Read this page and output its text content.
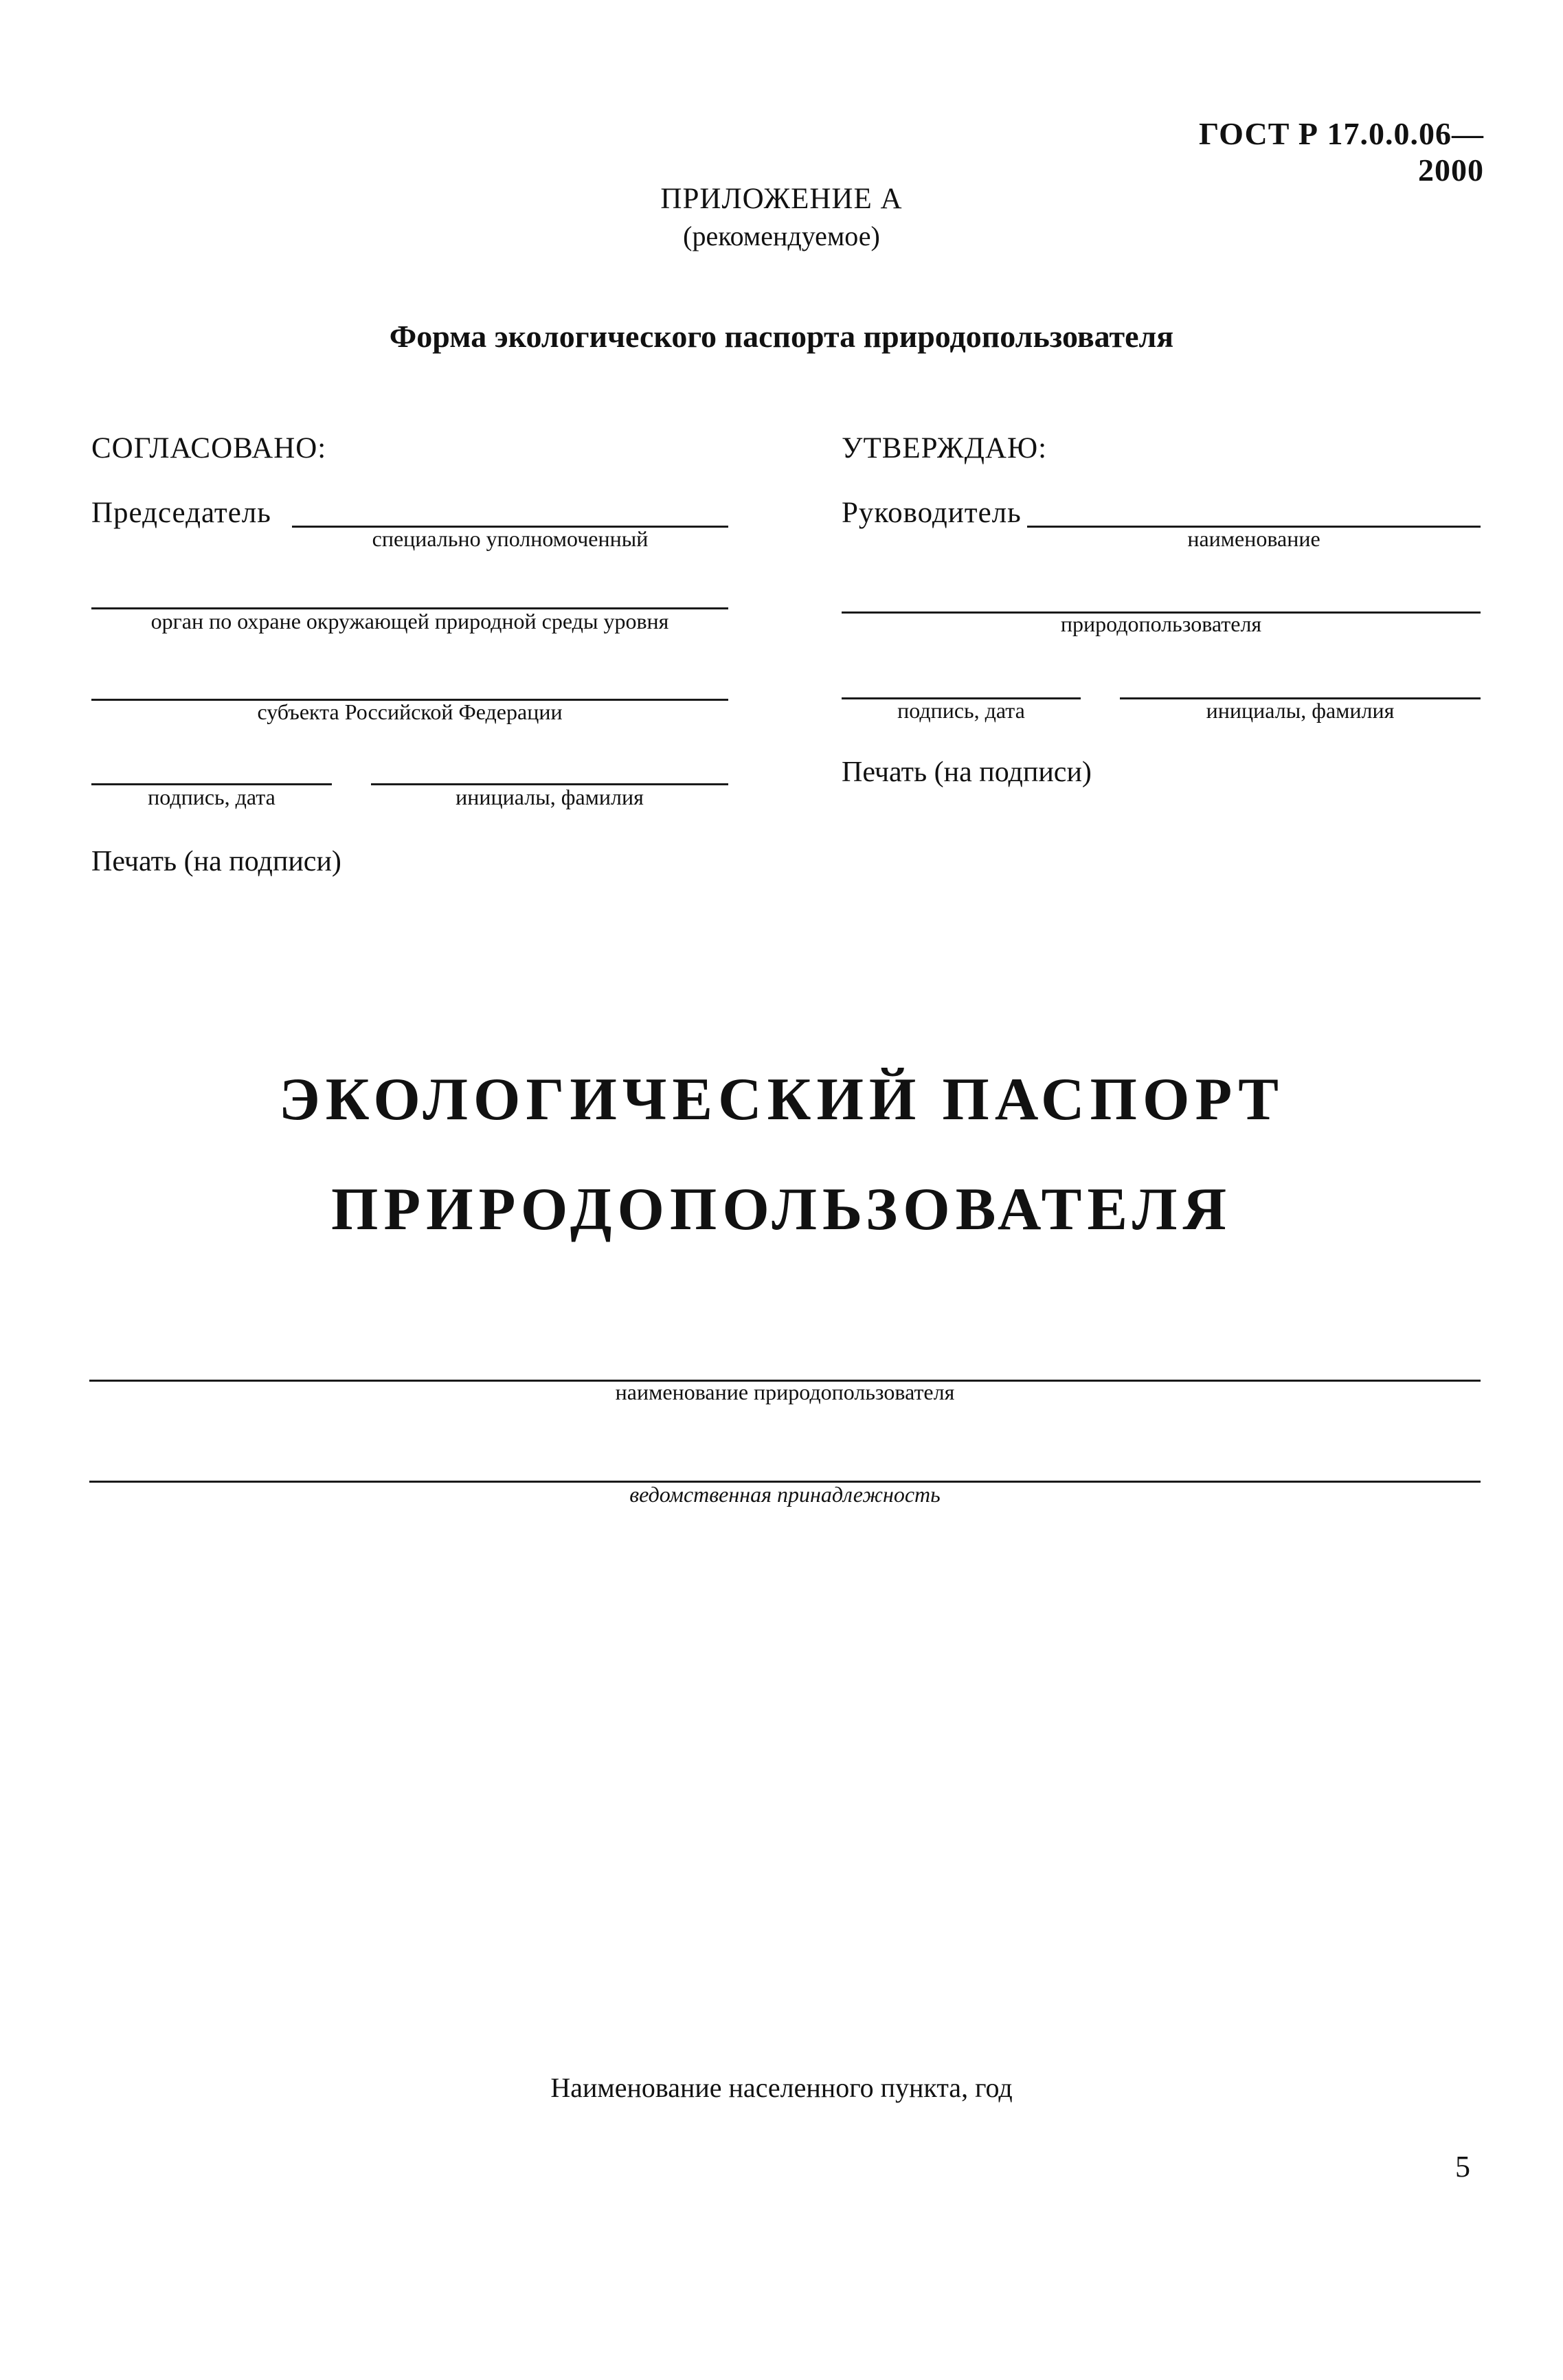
ГОСТ Р 17.0.0.06—2000
ПРИЛОЖЕНИЕ А
(рекомендуемое)
Форма экологического паспорта природопользователя
СОГЛАСОВАНО:
Председатель
специально уполномоченный
орган по охране окружающей природной среды уровня
субъекта Российской Федерации
подпись, дата	инициалы, фамилия
Печать (на подписи)
УТВЕРЖДАЮ:
Руководитель
наименование
природопользователя
подпись, дата	инициалы, фамилия
Печать (на подписи)
ЭКОЛОГИЧЕСКИЙ ПАСПОРТ
ПРИРОДОПОЛЬЗОВАТЕЛЯ
наименование природопользователя
ведомственная принадлежность
Наименование населенного пункта, год
5
